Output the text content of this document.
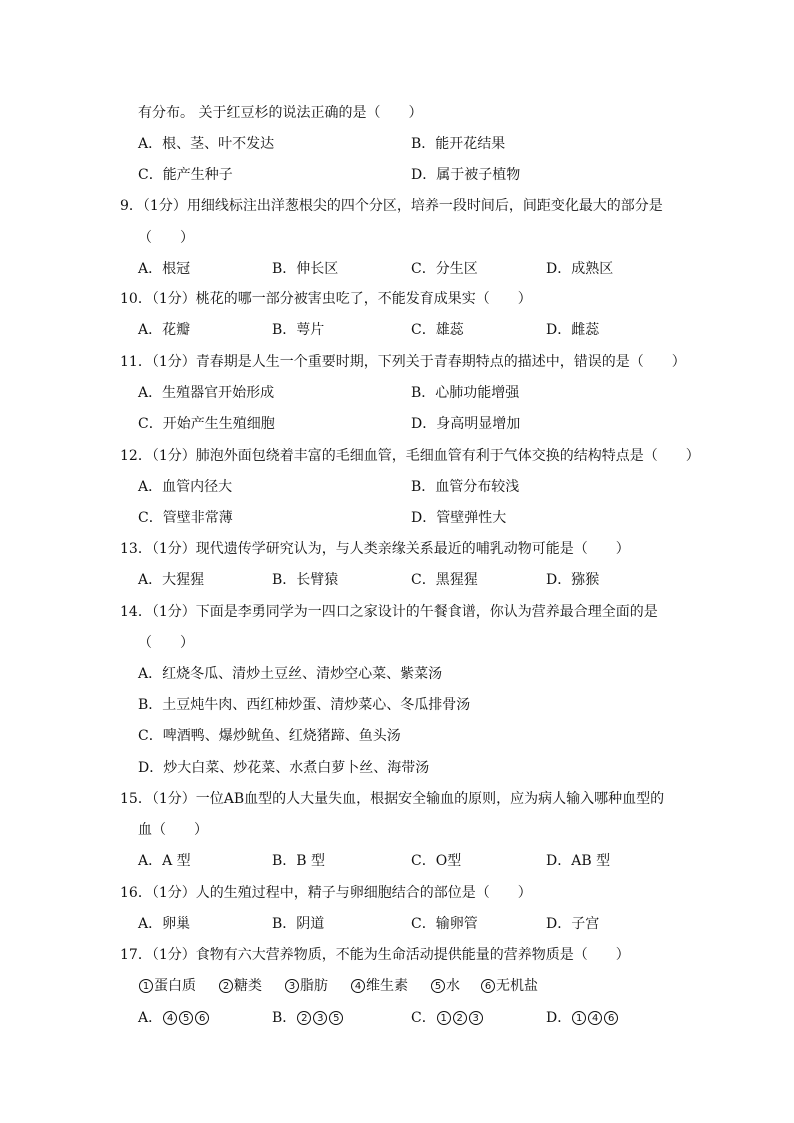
有分布。 关于红豆杉的说法正确的是（　　）
A．根、茎、叶不发达	B．能开花结果
C．能产生种子	D．属于被子植物
9．（1分）用细线标注出洋葱根尖的四个分区，培养一段时间后，间距变化最大的部分是
（　　）
A．根冠	B．伸长区	C．分生区	D．成熟区
10．（1分）桃花的哪一部分被害虫吃了，不能发育成果实（　　）
A．花瓣	B．萼片	C．雄蕊	D．雌蕊
11．（1分）青春期是人生一个重要时期，下列关于青春期特点的描述中，错误的是（　　）
A．生殖器官开始形成	B．心肺功能增强
C．开始产生生殖细胞	D．身高明显增加
12．（1分）肺泡外面包绕着丰富的毛细血管，毛细血管有利于气体交换的结构特点是（　　）
A．血管内径大	B．血管分布较浅
C．管壁非常薄	D．管壁弹性大
13．（1分）现代遗传学研究认为，与人类亲缘关系最近的哺乳动物可能是（　　）
A．大猩猩	B．长臂猿	C．黑猩猩	D．猕猴
14．（1分）下面是李勇同学为一四口之家设计的午餐食谱，你认为营养最合理全面的是
（　　）
A．红烧冬瓜、清炒土豆丝、清炒空心菜、紫菜汤
B．土豆炖牛肉、西红柿炒蛋、清炒菜心、冬瓜排骨汤
C．啤酒鸭、爆炒鱿鱼、红烧猪蹄、鱼头汤
D．炒大白菜、炒花菜、水煮白萝卜丝、海带汤
15．（1分）一位AB血型的人大量失血，根据安全输血的原则，应为病人输入哪种血型的
血（　　）
A．A 型	B．B 型	C．O型	D．AB 型
16．（1分）人的生殖过程中，精子与卵细胞结合的部位是（　　）
A．卵巢	B．阴道	C．输卵管	D．子宫
17．（1分）食物有六大营养物质，不能为生命活动提供能量的营养物质是（　　）
1 蛋白质	2 糖类	3 脂肪	4 维生素	5 水	6 无机盐
A． 4 5 6	B． 2 3 5	C． 1 2 3	D． 1 4 6
